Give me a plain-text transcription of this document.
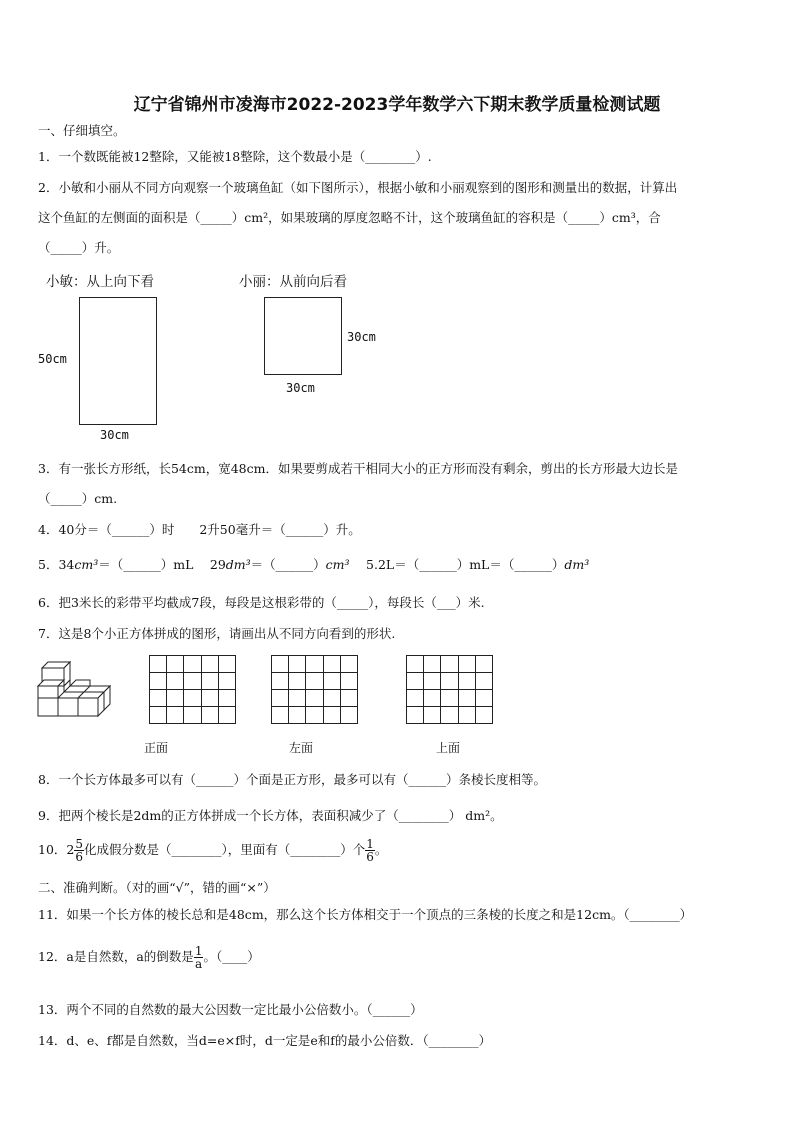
辽宁省锦州市凌海市2022-2023学年数学六下期末教学质量检测试题
一、仔细填空。
1．一个数既能被12整除，又能被18整除，这个数最小是（________）.
2．小敏和小丽从不同方向观察一个玻璃鱼缸（如下图所示），根据小敏和小丽观察到的图形和测量出的数据，计算出
这个鱼缸的左侧面的面积是（_____）cm²，如果玻璃的厚度忽略不计，这个玻璃鱼缸的容积是（_____）cm³，合
（_____）升。
小敏：从上向下看	小丽：从前向后看
50cm
30cm
30cm
30cm
3．有一张长方形纸，长54cm，宽48cm．如果要剪成若干相同大小的正方形而没有剩余，剪出的长方形最大边长是
（_____）cm.
4．40分＝（______）时　　2升50毫升＝（______）升。
5．34cm³＝（______）mL　 29dm³＝（______）cm³　 5.2L＝（______）mL＝（______）dm³
6．把3米长的彩带平均截成7段，每段是这根彩带的（_____），每段长（___）米.
7．这是8个小正方体拼成的图形，请画出从不同方向看到的形状.
正面	左面	上面
8．一个长方体最多可以有（______）个面是正方形，最多可以有（______）条棱长度相等。
9．把两个棱长是2dm的正方体拼成一个长方体，表面积减少了（________） dm²。
10．$2 \frac{5}{6}$ 化成假分数是（________），里面有（________）个 $\frac{1}{6}$ 。
二、准确判断。（对的画“√”，错的画“×”）
11．如果一个长方体的棱长总和是48cm，那么这个长方体相交于一个顶点的三条棱的长度之和是12cm。（________）
12．a是自然数，a的倒数是 $\frac{1}{a}$ 。（____）
13．两个不同的自然数的最大公因数一定比最小公倍数小。（______）
14．d、e、f都是自然数，当d=e×f时，d一定是e和f的最小公倍数．（________）
